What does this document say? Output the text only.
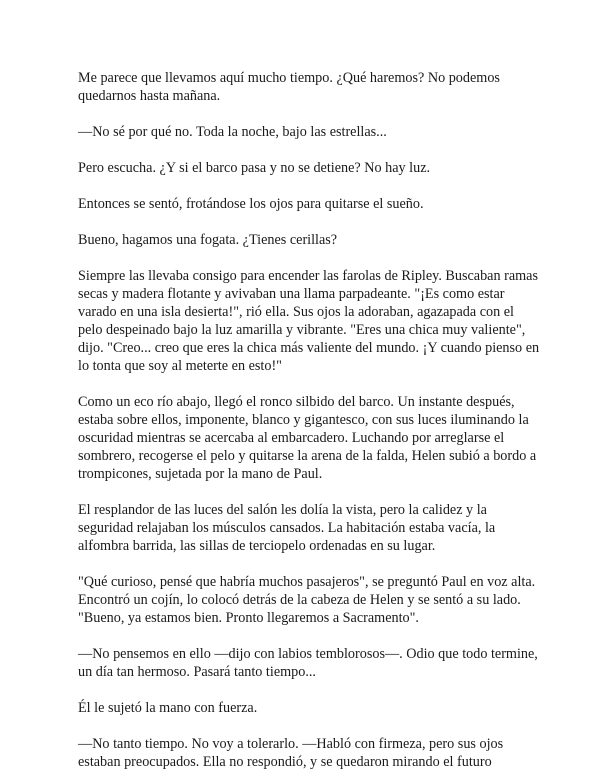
Me parece que llevamos aquí mucho tiempo. ¿Qué haremos? No podemos quedarnos hasta mañana.

—No sé por qué no. Toda la noche, bajo las estrellas...

Pero escucha. ¿Y si el barco pasa y no se detiene? No hay luz.

Entonces se sentó, frotándose los ojos para quitarse el sueño.

Bueno, hagamos una fogata. ¿Tienes cerillas?

Siempre las llevaba consigo para encender las farolas de Ripley. Buscaban ramas secas y madera flotante y avivaban una llama parpadeante. "¡Es como estar varado en una isla desierta!", rió ella. Sus ojos la adoraban, agazapada con el pelo despeinado bajo la luz amarilla y vibrante. "Eres una chica muy valiente", dijo. "Creo... creo que eres la chica más valiente del mundo. ¡Y cuando pienso en lo tonta que soy al meterte en esto!"

Como un eco río abajo, llegó el ronco silbido del barco. Un instante después, estaba sobre ellos, imponente, blanco y gigantesco, con sus luces iluminando la oscuridad mientras se acercaba al embarcadero. Luchando por arreglarse el sombrero, recogerse el pelo y quitarse la arena de la falda, Helen subió a bordo a trompicones, sujetada por la mano de Paul.

El resplandor de las luces del salón les dolía la vista, pero la calidez y la seguridad relajaban los músculos cansados. La habitación estaba vacía, la alfombra barrida, las sillas de terciopelo ordenadas en su lugar.

"Qué curioso, pensé que habría muchos pasajeros", se preguntó Paul en voz alta. Encontró un cojín, lo colocó detrás de la cabeza de Helen y se sentó a su lado. "Bueno, ya estamos bien. Pronto llegaremos a Sacramento".

—No pensemos en ello —dijo con labios temblorosos—. Odio que todo termine, un día tan hermoso. Pasará tanto tiempo...

Él le sujetó la mano con fuerza.

—No tanto tiempo. No voy a tolerarlo. —Habló con firmeza, pero sus ojos estaban preocupados. Ella no respondió, y se quedaron mirando el futuro
